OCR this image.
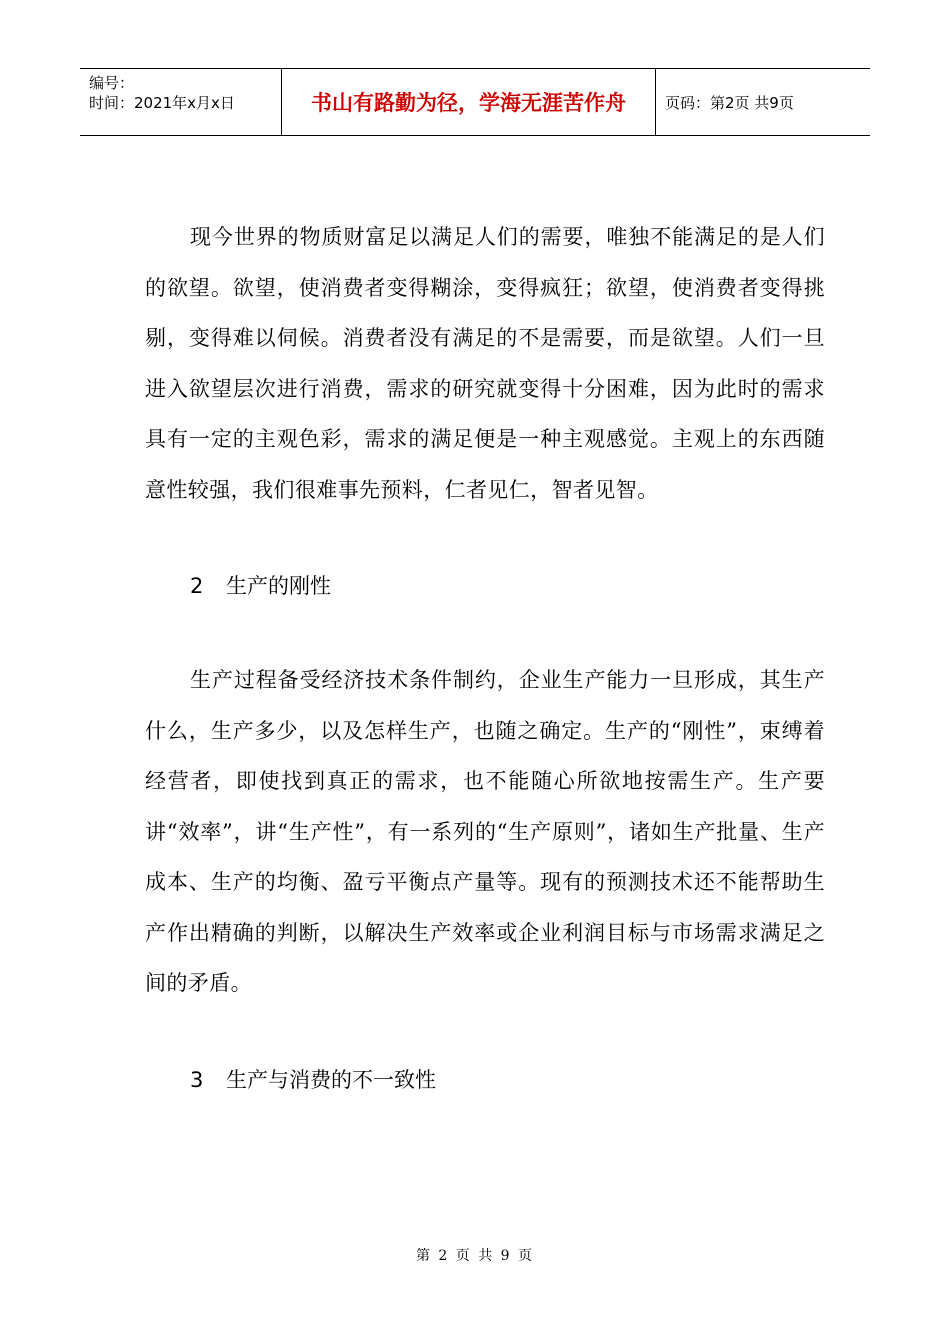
编号：
时间：2021年x月x日	书山有路勤为径，学海无涯苦作舟	页码：第2页 共9页

现今世界的物质财富足以满足人们的需要，唯独不能满足的是人们的欲望。欲望，使消费者变得糊涂，变得疯狂；欲望，使消费者变得挑剔，变得难以伺候。消费者没有满足的不是需要，而是欲望。人们一旦进入欲望层次进行消费，需求的研究就变得十分困难，因为此时的需求具有一定的主观色彩，需求的满足便是一种主观感觉。主观上的东西随意性较强，我们很难事先预料，仁者见仁，智者见智。

2 生产的刚性

生产过程备受经济技术条件制约，企业生产能力一旦形成，其生产什么，生产多少，以及怎样生产，也随之确定。生产的“刚性”，束缚着经营者，即使找到真正的需求，也不能随心所欲地按需生产。生产要讲“效率”，讲“生产性”，有一系列的“生产原则”，诸如生产批量、生产成本、生产的均衡、盈亏平衡点产量等。现有的预测技术还不能帮助生产作出精确的判断，以解决生产效率或企业利润目标与市场需求满足之间的矛盾。

3 生产与消费的不一致性

第 2 页 共 9 页
